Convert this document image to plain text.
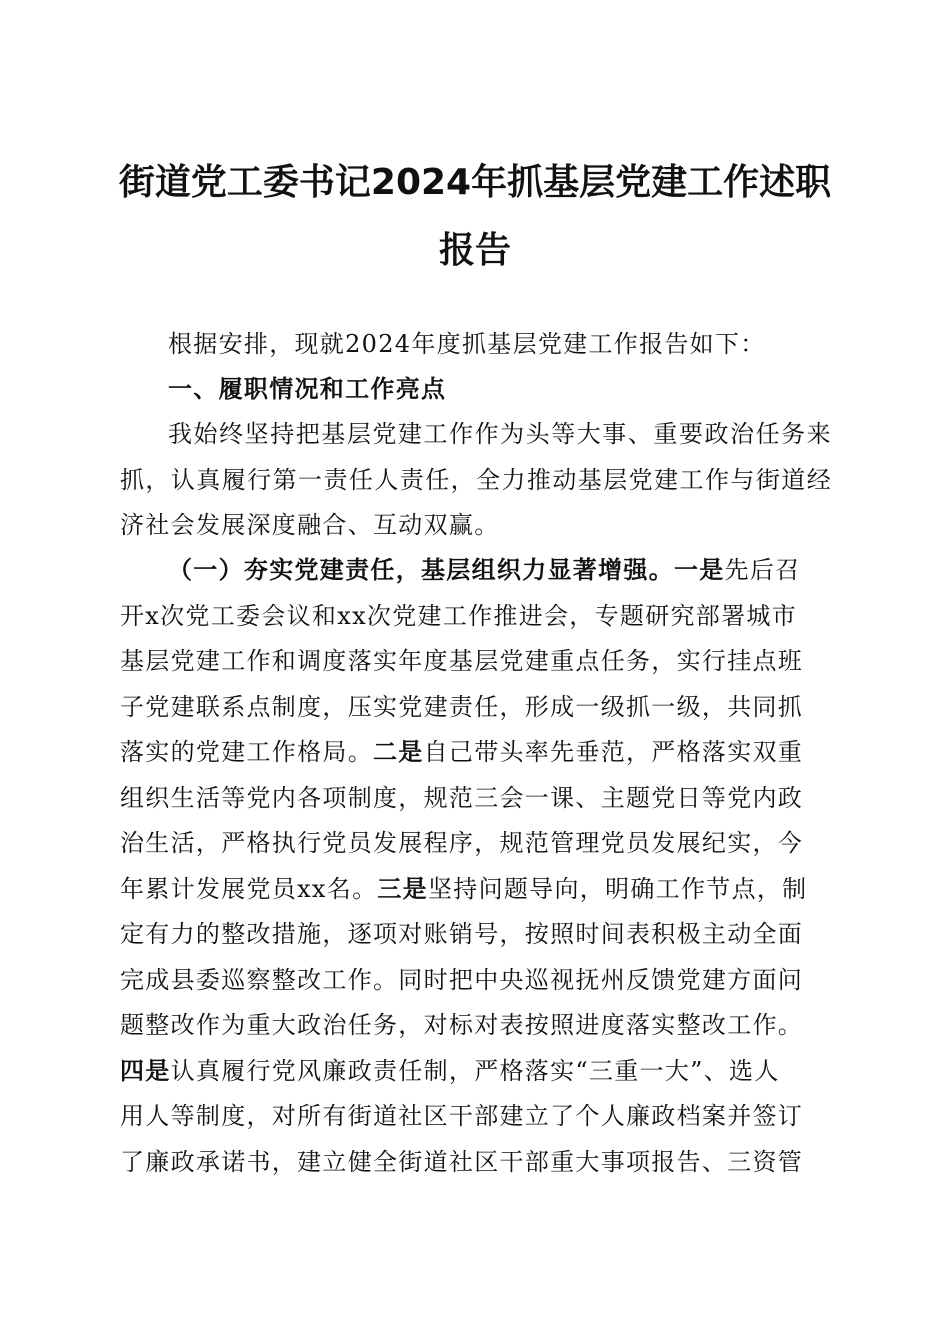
街道党工委书记2024年抓基层党建工作述职
报告
根据安排，现就2024年度抓基层党建工作报告如下：
一、履职情况和工作亮点
我始终坚持把基层党建工作作为头等大事、重要政治任务来抓，认真履行第一责任人责任，全力推动基层党建工作与街道经济社会发展深度融合、互动双赢。
（一）夯实党建责任，基层组织力显著增强。一是先后召
开x次党工委会议和xx次党建工作推进会，专题研究部署城市
基层党建工作和调度落实年度基层党建重点任务，实行挂点班
子党建联系点制度，压实党建责任，形成一级抓一级，共同抓
落实的党建工作格局。二是自己带头率先垂范，严格落实双重
组织生活等党内各项制度，规范三会一课、主题党日等党内政
治生活，严格执行党员发展程序，规范管理党员发展纪实，今
年累计发展党员xx名。三是坚持问题导向，明确工作节点，制
定有力的整改措施，逐项对账销号，按照时间表积极主动全面
完成县委巡察整改工作。同时把中央巡视抚州反馈党建方面问
题整改作为重大政治任务，对标对表按照进度落实整改工作。
四是认真履行党风廉政责任制，严格落实“三重一大”、选人
用人等制度，对所有街道社区干部建立了个人廉政档案并签订
了廉政承诺书，建立健全街道社区干部重大事项报告、三资管
